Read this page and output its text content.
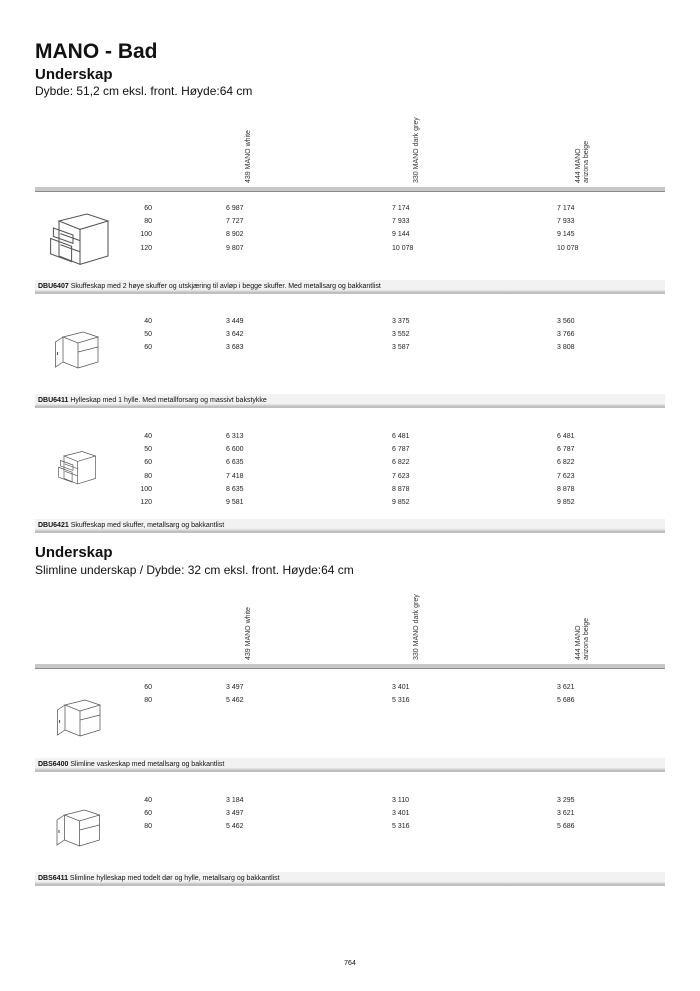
MANO - Bad
Underskap
Dybde: 51,2 cm eksl. front. Høyde:64 cm
439 MANO white	330 MANO dark grey	444 MANO arizona beige
60	6 987	7 174	7 174
80	7 727	7 933	7 933
100	8 902	9 144	9 145
120	9 807	10 078	10 078
DBU6407 Skuffeskap med 2 høye skuffer og utskjæring til avløp i begge skuffer. Med metallsarg og bakkantlist
40	3 449	3 375	3 560
50	3 642	3 552	3 766
60	3 683	3 587	3 808
DBU6411 Hylleskap med 1 hylle. Med metallforsarg og massivt bakstykke
40	6 313	6 481	6 481
50	6 600	6 787	6 787
60	6 635	6 822	6 822
80	7 418	7 623	7 623
100	8 635	8 878	8 878
120	9 581	9 852	9 852
DBU6421 Skuffeskap med skuffer, metallsarg og bakkantlist
Underskap
Slimline underskap / Dybde: 32 cm eksl. front. Høyde:64 cm
439 MANO white	330 MANO dark grey	444 MANO arizona beige
60	3 497	3 401	3 621
80	5 462	5 316	5 686
DBS6400 Slimline vaskeskap med metallsarg og bakkantlist
40	3 184	3 110	3 295
60	3 497	3 401	3 621
80	5 462	5 316	5 686
DBS6411 Slimline hylleskap med todelt dør og hylle, metallsarg og bakkantlist
764
